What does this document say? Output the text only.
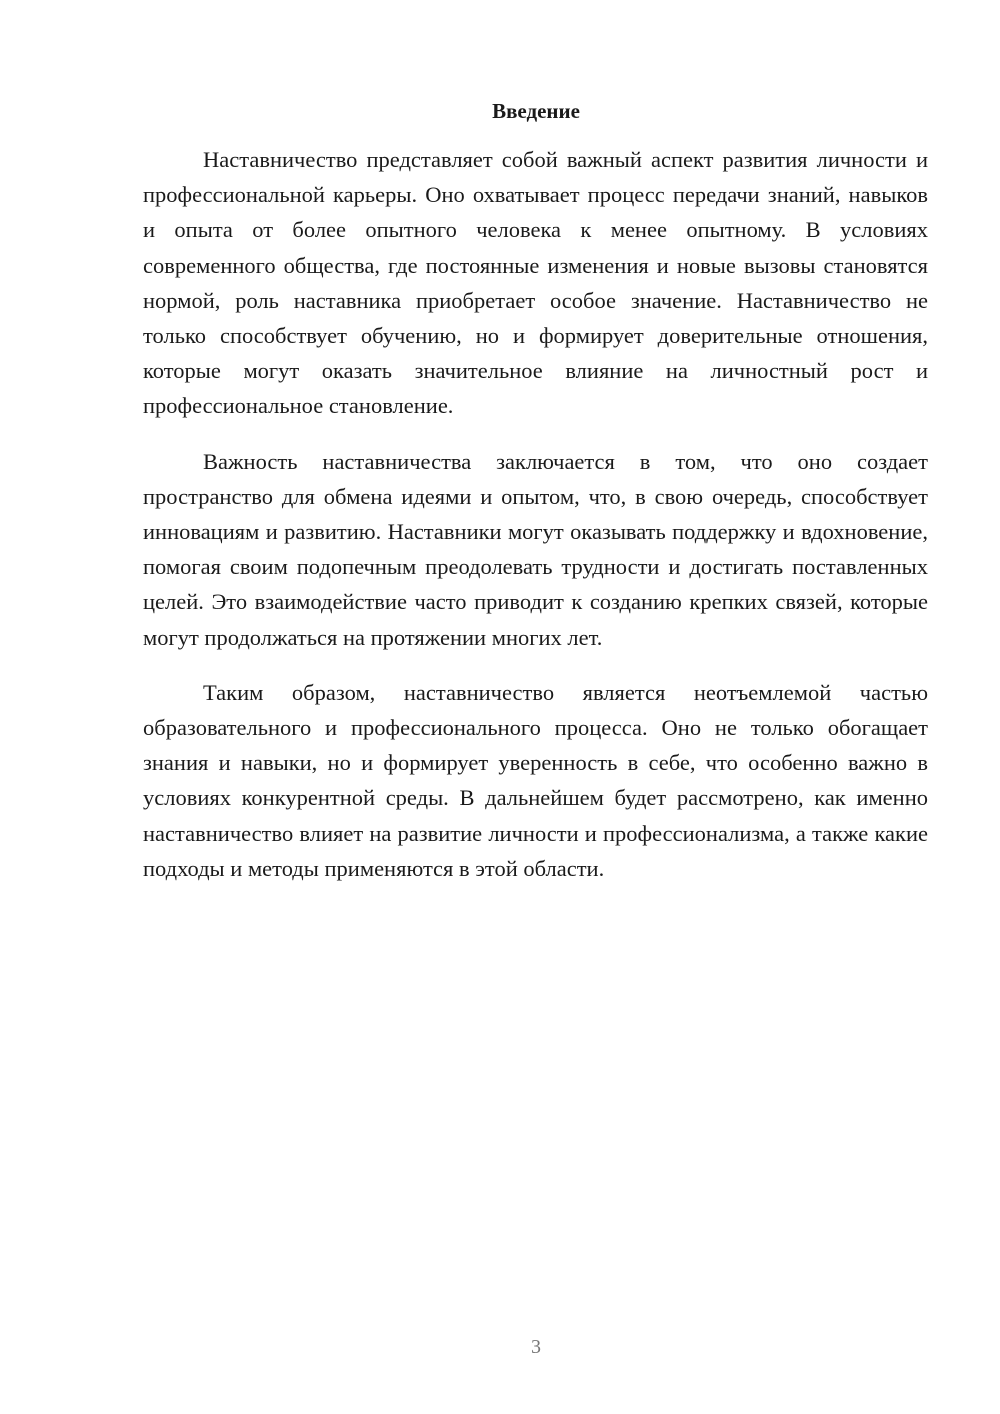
Введение

Наставничество представляет собой важный аспект развития личности и профессиональной карьеры. Оно охватывает процесс передачи знаний, навыков и опыта от более опытного человека к менее опытному. В условиях современного общества, где постоянные изменения и новые вызовы становятся нормой, роль наставника приобретает особое значение. Наставничество не только способствует обучению, но и формирует доверительные отношения, которые могут оказать значительное влияние на личностный рост и профессиональное становление.

Важность наставничества заключается в том, что оно создает пространство для обмена идеями и опытом, что, в свою очередь, способствует инновациям и развитию. Наставники могут оказывать поддержку и вдохновение, помогая своим подопечным преодолевать трудности и достигать поставленных целей. Это взаимодействие часто приводит к созданию крепких связей, которые могут продолжаться на протяжении многих лет.

Таким образом, наставничество является неотъемлемой частью образовательного и профессионального процесса. Оно не только обогащает знания и навыки, но и формирует уверенность в себе, что особенно важно в условиях конкурентной среды. В дальнейшем будет рассмотрено, как именно наставничество влияет на развитие личности и профессионализма, а также какие подходы и методы применяются в этой области.

3
